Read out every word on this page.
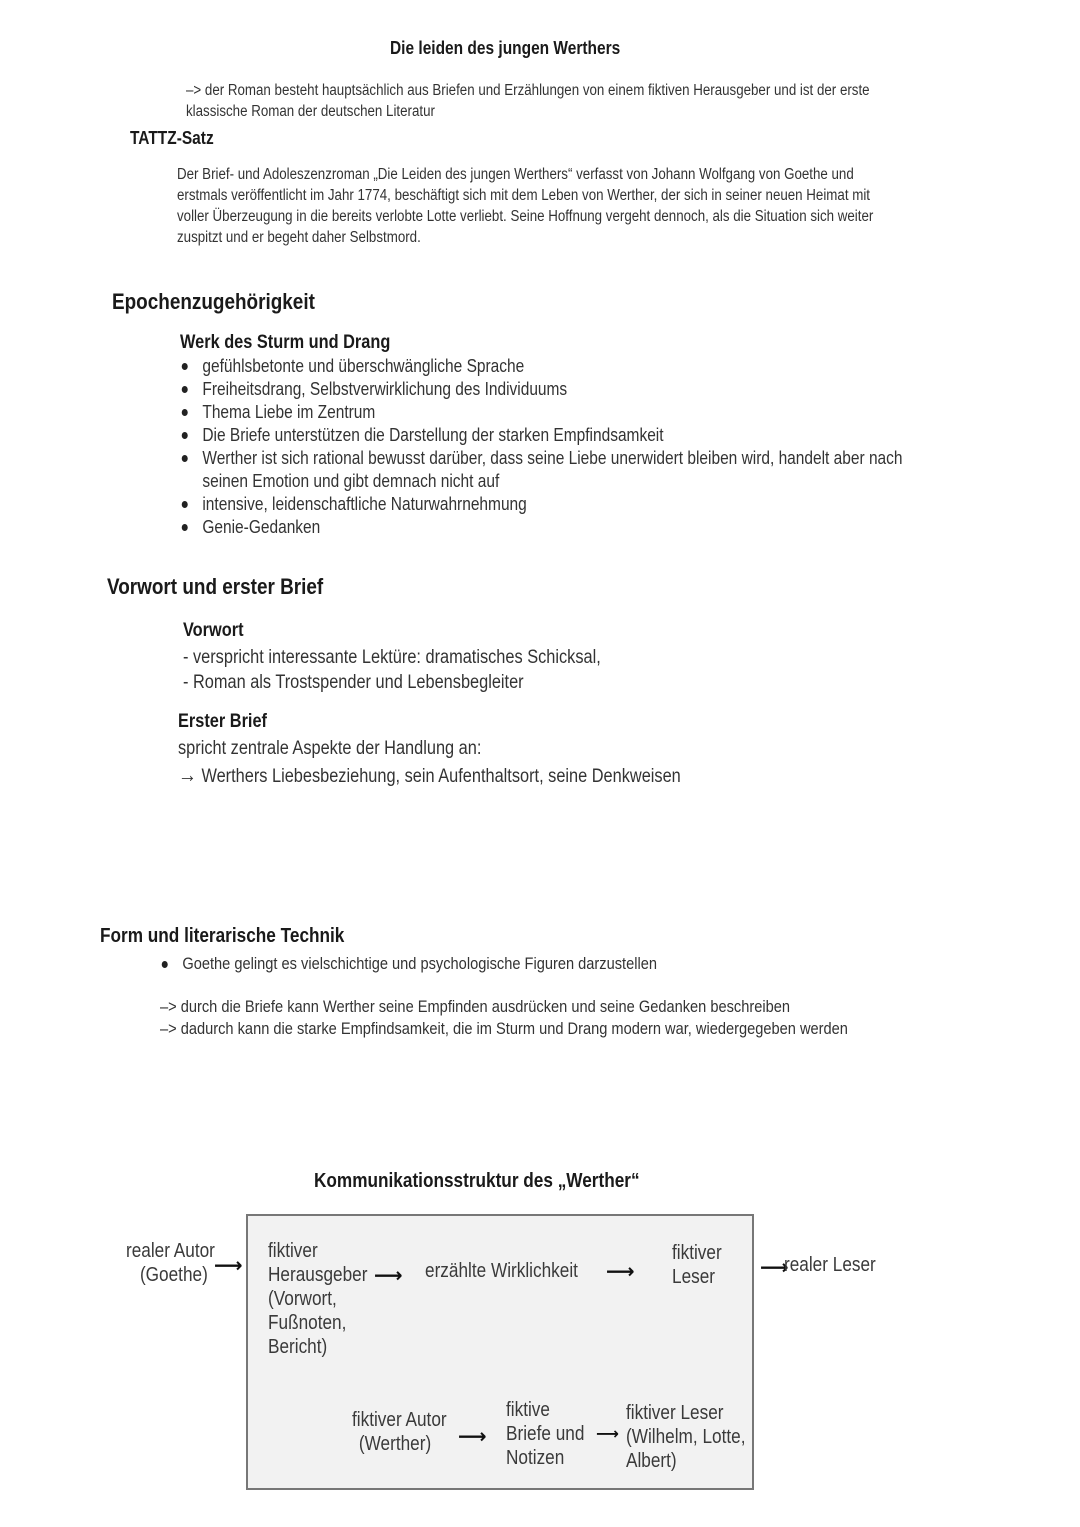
Die leiden des jungen Werthers
–> der Roman besteht hauptsächlich aus Briefen und Erzählungen von einem fiktiven Herausgeber und ist der erste
klassische Roman der deutschen Literatur
TATTZ-Satz
Der Brief- und Adoleszenzroman „Die Leiden des jungen Werthers“ verfasst von Johann Wolfgang von Goethe und
erstmals veröffentlicht im Jahr 1774, beschäftigt sich mit dem Leben von Werther, der sich in seiner neuen Heimat mit
voller Überzeugung in die bereits verlobte Lotte verliebt. Seine Hoffnung vergeht dennoch, als die Situation sich weiter
zuspitzt und er begeht daher Selbstmord.
Epochenzugehörigkeit
Werk des Sturm und Drang
gefühlsbetonte und überschwängliche Sprache
Freiheitsdrang, Selbstverwirklichung des Individuums
Thema Liebe im Zentrum
Die Briefe unterstützen die Darstellung der starken Empfindsamkeit
Werther ist sich rational bewusst darüber, dass seine Liebe unerwidert bleiben wird, handelt aber nach
seinen Emotion und gibt demnach nicht auf
intensive, leidenschaftliche Naturwahrnehmung
Genie-Gedanken
Vorwort und erster Brief
Vorwort
- verspricht interessante Lektüre: dramatisches Schicksal,
- Roman als Trostspender und Lebensbegleiter
Erster Brief
spricht zentrale Aspekte der Handlung an:
→ Werthers Liebesbeziehung, sein Aufenthaltsort, seine Denkweisen
Form und literarische Technik
Goethe gelingt es vielschichtige und psychologische Figuren darzustellen
–> durch die Briefe kann Werther seine Empfinden ausdrücken und seine Gedanken beschreiben
–> dadurch kann die starke Empfindsamkeit, die im Sturm und Drang modern war, wiedergegeben werden
Kommunikationsstruktur des „Werther“
realer Autor
(Goethe) ⟶
fiktiver
Herausgeber
(Vorwort,
Fußnoten,
Bericht)
⟶ erzählte Wirklichkeit ⟶
fiktiver
Leser	⟶
realer Leser
fiktiver Autor
(Werther)	⟶
fiktive
Briefe und
Notizen
⟶
fiktiver Leser
(Wilhelm, Lotte,
Albert)
